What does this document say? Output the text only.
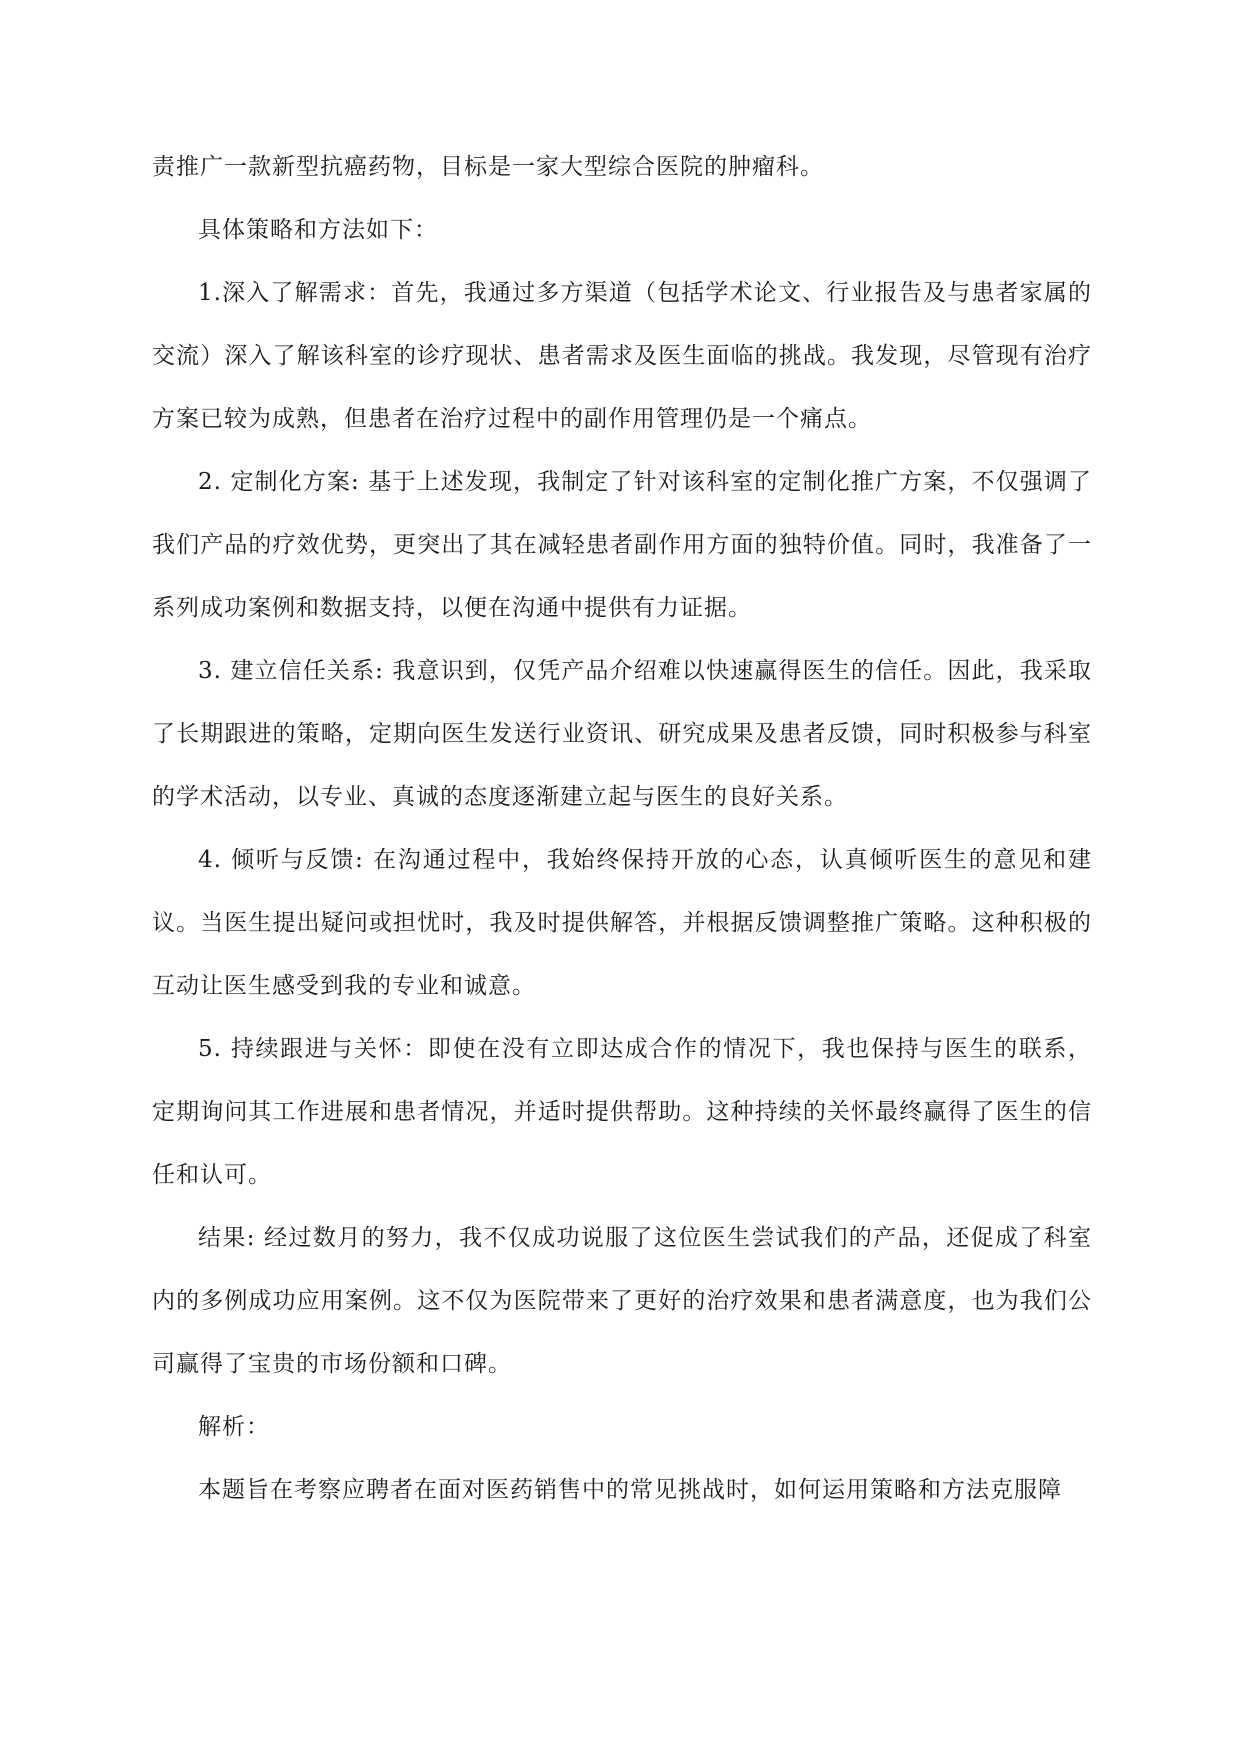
责推广一款新型抗癌药物，目标是一家大型综合医院的肿瘤科。

具体策略和方法如下：

1.深入了解需求：首先，我通过多方渠道（包括学术论文、行业报告及与患者家属的交流）深入了解该科室的诊疗现状、患者需求及医生面临的挑战。我发现，尽管现有治疗方案已较为成熟，但患者在治疗过程中的副作用管理仍是一个痛点。

2. 定制化方案: 基于上述发现，我制定了针对该科室的定制化推广方案，不仅强调了我们产品的疗效优势，更突出了其在减轻患者副作用方面的独特价值。同时，我准备了一系列成功案例和数据支持，以便在沟通中提供有力证据。

3. 建立信任关系: 我意识到，仅凭产品介绍难以快速赢得医生的信任。因此，我采取了长期跟进的策略，定期向医生发送行业资讯、研究成果及患者反馈，同时积极参与科室的学术活动，以专业、真诚的态度逐渐建立起与医生的良好关系。

4. 倾听与反馈: 在沟通过程中，我始终保持开放的心态，认真倾听医生的意见和建议。当医生提出疑问或担忧时，我及时提供解答，并根据反馈调整推广策略。这种积极的互动让医生感受到我的专业和诚意。

5. 持续跟进与关怀：即使在没有立即达成合作的情况下，我也保持与医生的联系，定期询问其工作进展和患者情况，并适时提供帮助。这种持续的关怀最终赢得了医生的信任和认可。

结果: 经过数月的努力，我不仅成功说服了这位医生尝试我们的产品，还促成了科室内的多例成功应用案例。这不仅为医院带来了更好的治疗效果和患者满意度，也为我们公司赢得了宝贵的市场份额和口碑。

解析：

本题旨在考察应聘者在面对医药销售中的常见挑战时，如何运用策略和方法克服障
